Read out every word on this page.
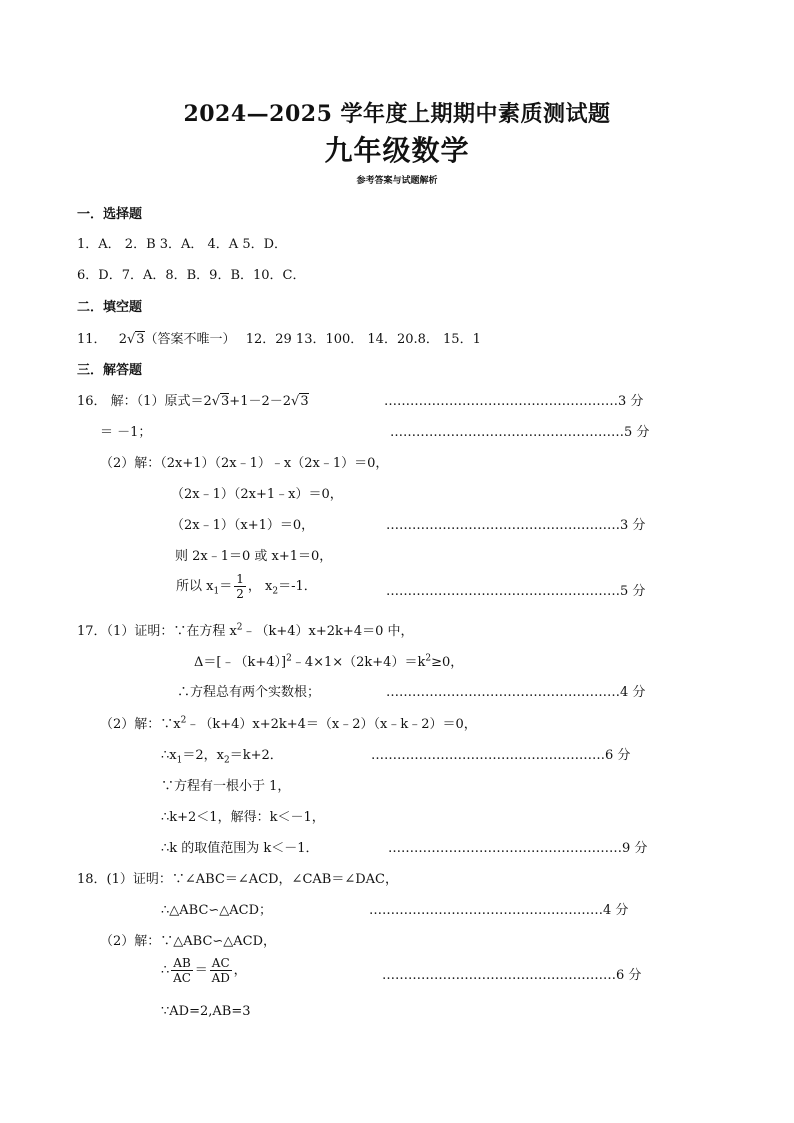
2024—2025 学年度上期期中素质测试题
九年级数学
参考答案与试题解析
一．选择题
1．A． 2．B 3．A． 4．A 5．D．
6．D．7．A．8．B．9．B．10．C．
二．填空题
11． 2√3（答案不唯一） 12．29 13．100． 14．20.8． 15．1
三．解答题
16． 解：（1）原式＝2√3+1－2－2√3	………………………………………………3 分
＝ －1；	………………………………………………5 分
（2）解：（2x+1）（2x﹣1）﹣x（2x﹣1）＝0，
（2x﹣1）（2x+1﹣x）＝0，
（2x﹣1）（x+1）＝0，	………………………………………………3 分
则 2x﹣1＝0 或 x+1＝0，
所以 $x_1= \frac{1}{2}$ ， $x_2=-1$．	………………………………………………5 分
17．（1）证明：∵在方程 $x^2﹣(k+4)x+2k+4=0$ 中，
$\Delta=[﹣(k+4)]^2﹣4\times 1\times(2k+4)=k^2\ge 0$，
∴方程总有两个实数根；	………………………………………………4 分
（2）解：$\because x^2﹣(k+4)x+2k+4=(x﹣2)(x﹣k﹣2)=0$，
$\therefore x_1=2$，$x_2=k+2$．	………………………………………………6 分
∵方程有一根小于 1，
∴k+2＜1，解得：k＜－1，
∴k 的取值范围为 k＜－1．	………………………………………………9 分
18．(1）证明：∵∠ABC＝∠ACD，∠CAB＝∠DAC，
∴△ABC∽△ACD；	………………………………………………4 分
（2）解：∵△ABC∽△ACD，
∴ $\frac{AB}{AC} = \frac{AC}{AD}$ ，	………………………………………………6 分
∵AD=2,AB=3
